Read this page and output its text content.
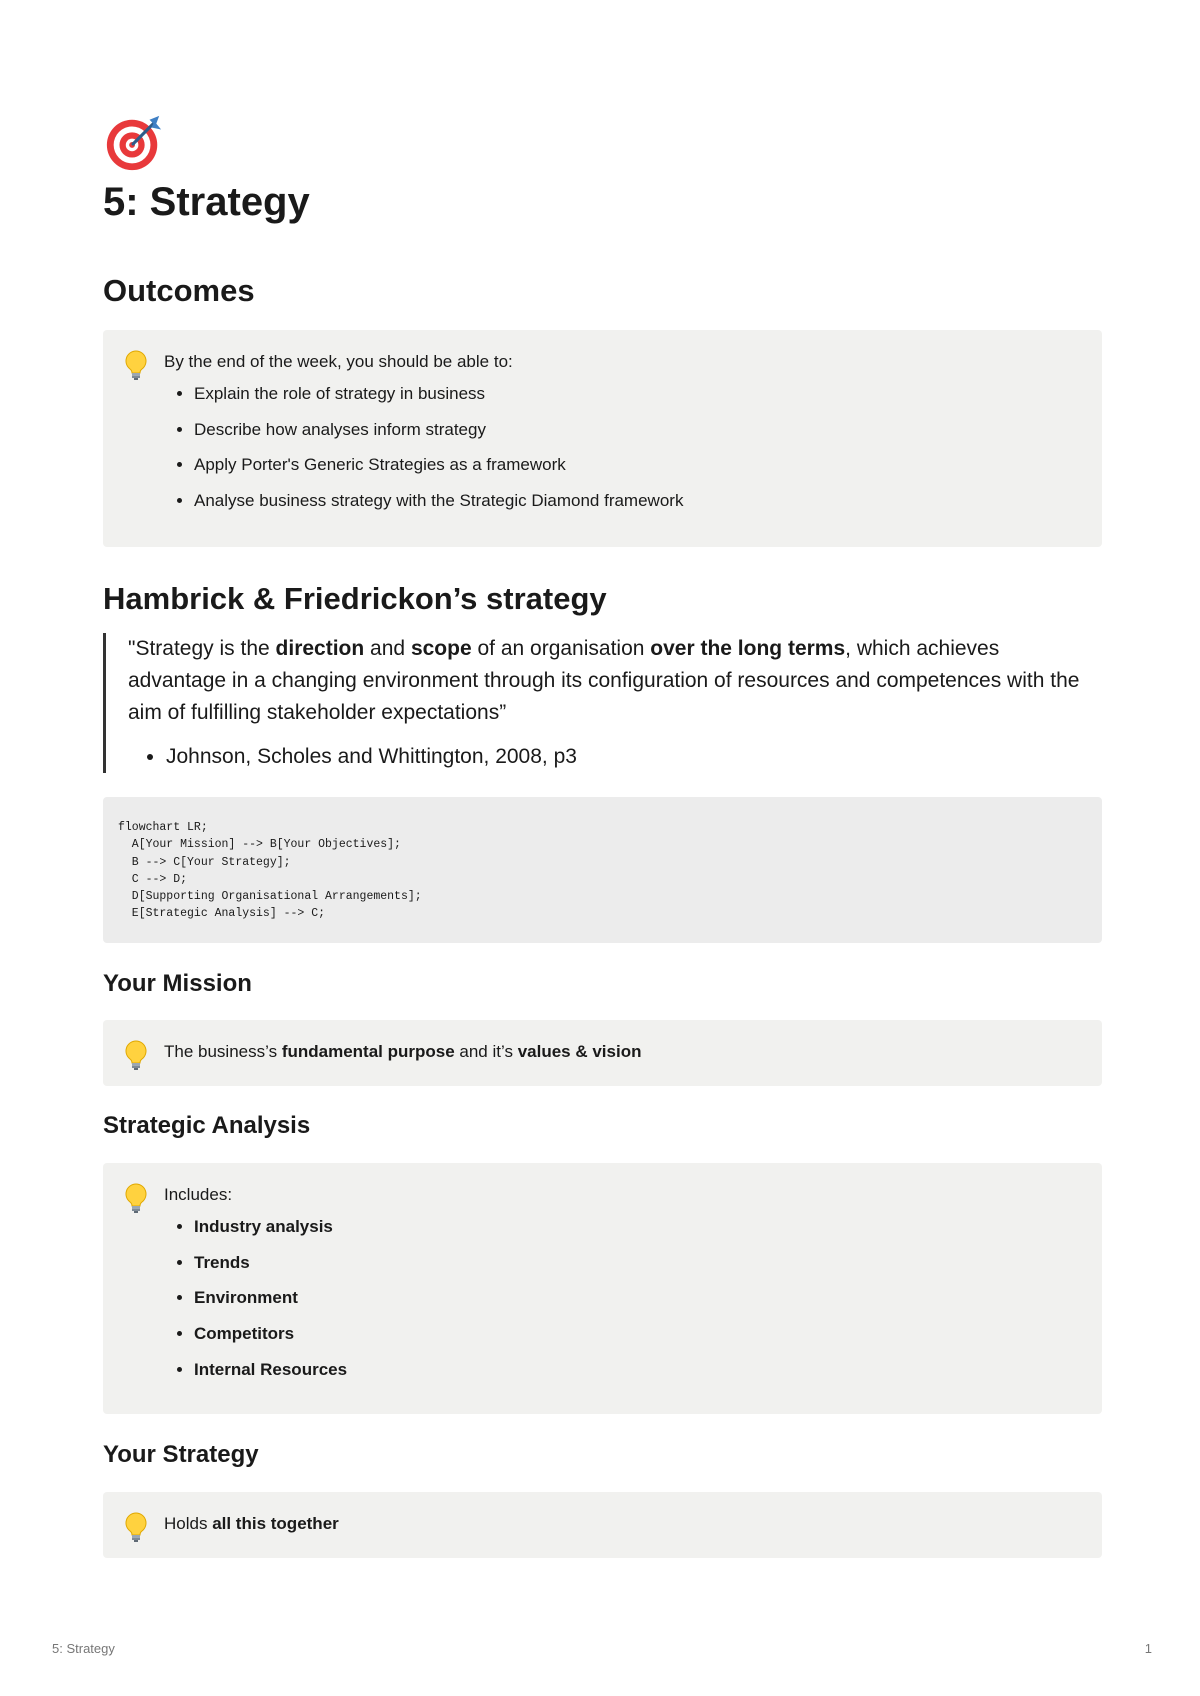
5: Strategy
Outcomes
By the end of the week, you should be able to:
• Explain the role of strategy in business
• Describe how analyses inform strategy
• Apply Porter's Generic Strategies as a framework
• Analyse business strategy with the Strategic Diamond framework
Hambrick & Friedrickon’s strategy

"Strategy is the direction and scope of an organisation over the long terms, which achieves advantage in a changing environment through its configuration of resources and competences with the aim of fulfilling stakeholder expectations”

• Johnson, Scholes and Whittington, 2008, p3
flowchart LR;
A[Your Mission] --> B[Your Objectives];
B --> C[Your Strategy];
C --> D;
D[Supporting Organisational Arrangements];
E[Strategic Analysis] --> C;
Your Mission
The business’s fundamental purpose and it’s values & vision
Strategic Analysis
Includes:
• Industry analysis
• Trends
• Environment
• Competitors
• Internal Resources
Your Strategy
Holds all this together
5: Strategy	1
